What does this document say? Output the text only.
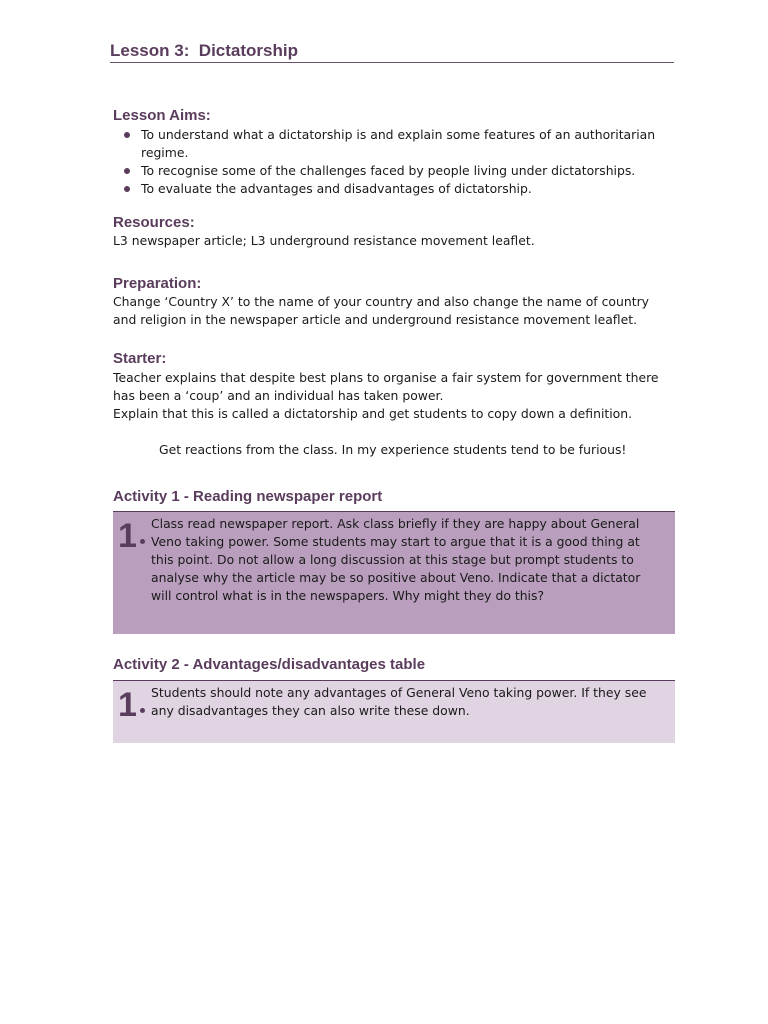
Lesson 3:  Dictatorship
Lesson Aims:
To understand what a dictatorship is and explain some features of an authoritarian regime.
To recognise some of the challenges faced by people living under dictatorships.
To evaluate the advantages and disadvantages of dictatorship.
Resources:

L3 newspaper article; L3 underground resistance movement leaflet.

Preparation:

Change ‘Country X’ to the name of your country and also change the name of country and religion in the newspaper article and underground resistance movement leaflet.

Starter:

Teacher explains that despite best plans to organise a fair system for government there has been a ‘coup’ and an individual has taken power.

Explain that this is called a dictatorship and get students to copy down a definition.

Get reactions from the class. In my experience students tend to be furious!
Activity 1 - Reading newspaper report
1 Class read newspaper report. Ask class briefly if they are happy about General Veno taking power. Some students may start to argue that it is a good thing at this point. Do not allow a long discussion at this stage but prompt students to analyse why the article may be so positive about Veno. Indicate that a dictator will control what is in the newspapers. Why might they do this?

Activity 2 - Advantages/disadvantages table
1 Students should note any advantages of General Veno taking power. If they see any disadvantages they can also write these down.
